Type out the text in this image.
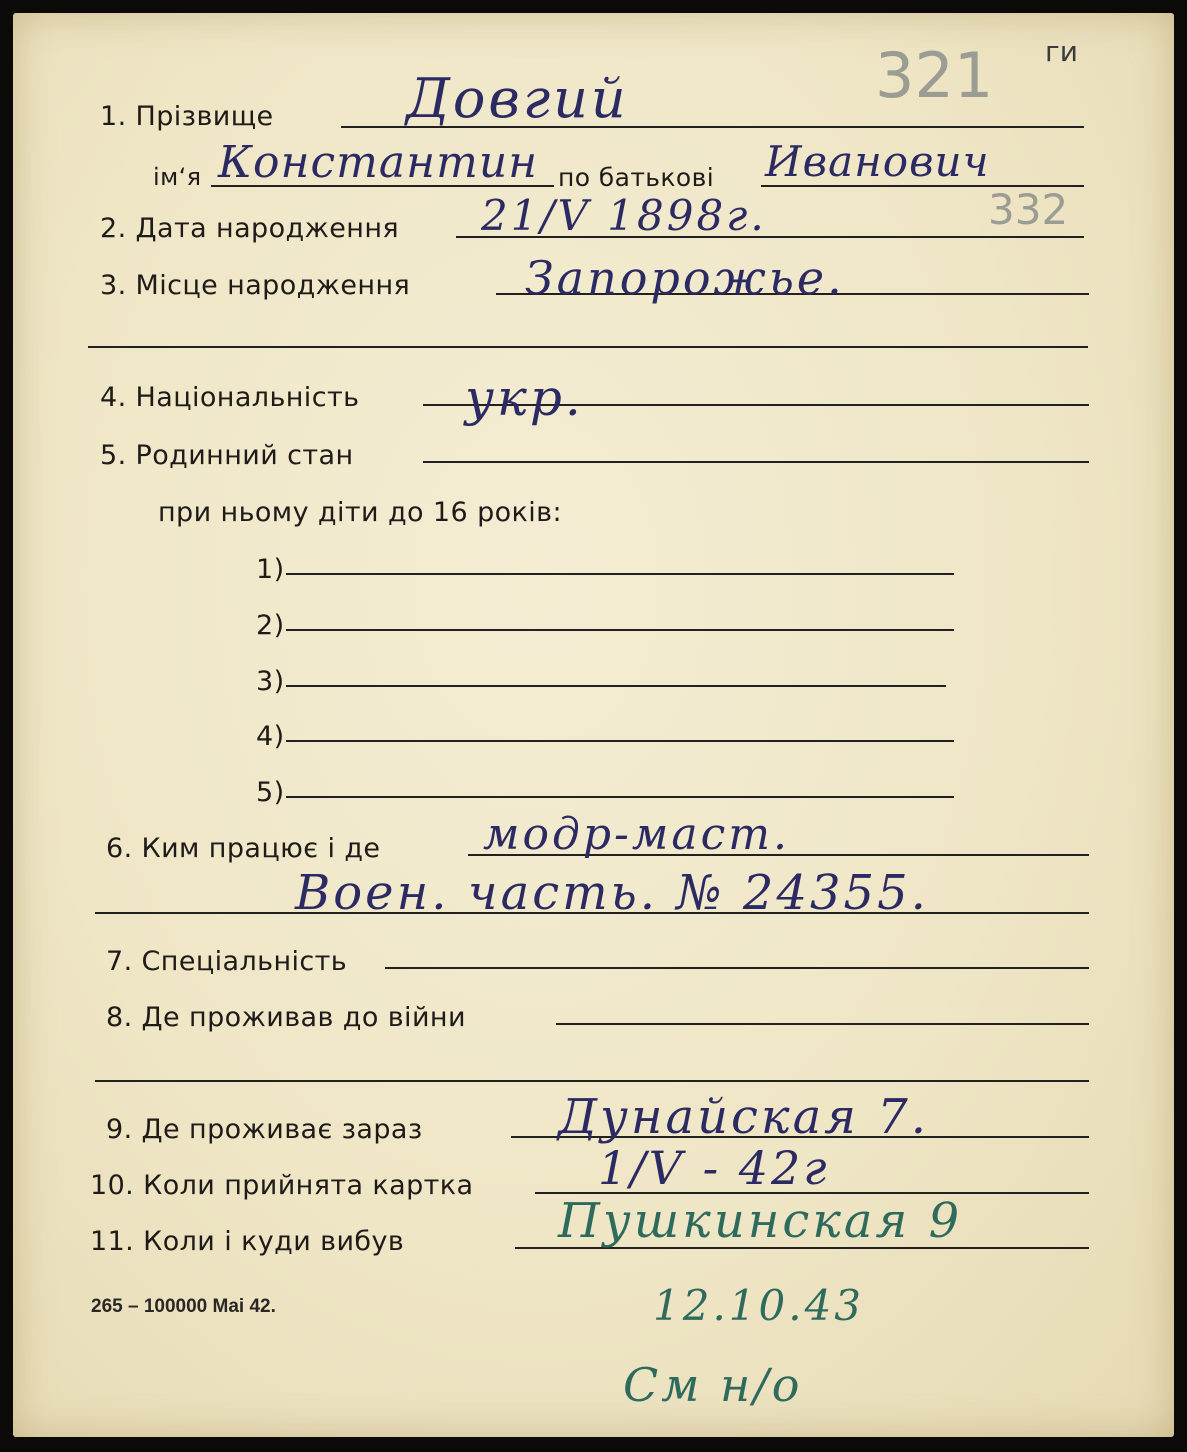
321 ги
332
1. Прізвище Довгий
ім‘я Константин по батькові Иванович
2. Дата народження 21/V 1898г.
3. Місце народження Запорожье.
4. Національність укр.
5. Родинний стан
при ньому діти до 16 років:
1)
2)
3)
4)
5)
6. Ким працює і де модр-маст.
Воен. часть. № 24355.
7. Спеціальність
8. Де проживав до війни
9. Де проживає зараз	Дунайская 7.
10. Коли прийнята картка	1/V - 42г
11. Коли і куди вибув	Пушкинская 9
265 – 100000 Mai 42.	12.10.43
См н/о
